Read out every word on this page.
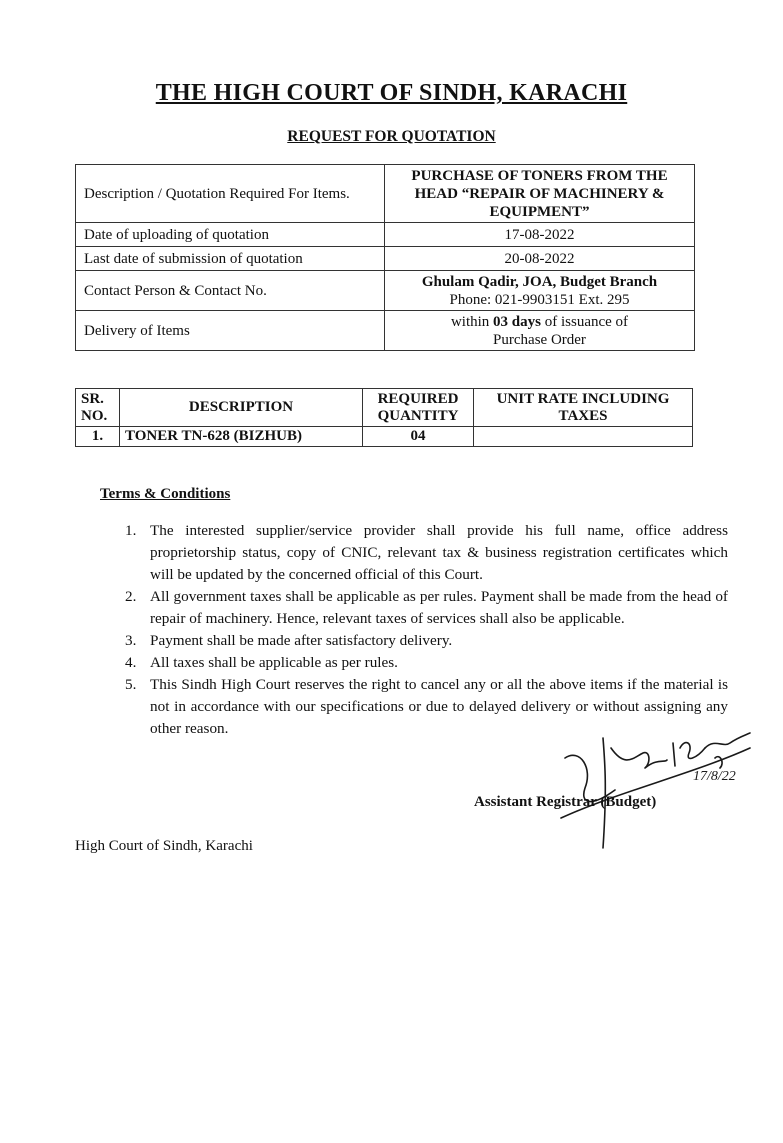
THE HIGH COURT OF SINDH, KARACHI
REQUEST FOR QUOTATION
Description / Quotation Required For Items.	PURCHASE OF TONERS FROM THE HEAD “REPAIR OF MACHINERY & EQUIPMENT”
Date of uploading of quotation	17-08-2022
Last date of submission of quotation	20-08-2022
Contact Person & Contact No.	Ghulam Qadir, JOA, Budget Branch
Phone: 021-9903151 Ext. 295

Delivery of Items	within 03 days of issuance of
Purchase Order
SR. NO.	DESCRIPTION	REQUIRED QUANTITY	UNIT RATE INCLUDING TAXES
1.	TONER TN-628 (BIZHUB)	04	
Terms & Conditions
1. The interested supplier/service provider shall provide his full name, office address proprietorship status, copy of CNIC, relevant tax & business registration certificates which will be updated by the concerned official of this Court.
2. All government taxes shall be applicable as per rules. Payment shall be made from the head of repair of machinery. Hence, relevant taxes of services shall also be applicable.
3. Payment shall be made after satisfactory delivery.
4. All taxes shall be applicable as per rules.
5. This Sindh High Court reserves the right to cancel any or all the above items if the material is not in accordance with our specifications or due to delayed delivery or without assigning any other reason.
17/8/22
Assistant Registrar (Budget)
High Court of Sindh, Karachi
